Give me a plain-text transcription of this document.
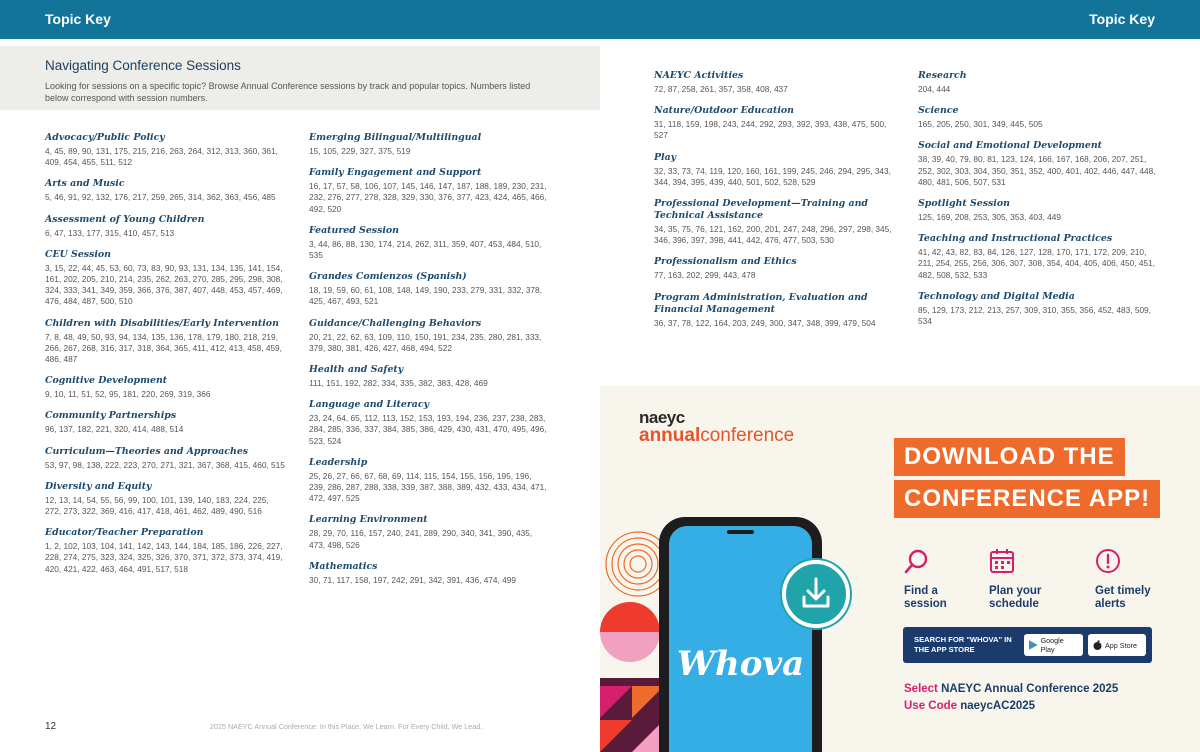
Topic Key	Topic Key
Navigating Conference Sessions

Looking for sessions on a specific topic? Browse Annual Conference sessions by track and popular topics. Numbers listed below correspond with session numbers.

Advocacy/Public Policy
4, 45, 89, 90, 131, 175, 215, 216, 263, 264, 312, 313, 360, 361, 409, 454, 455, 511, 512
Arts and Music
5, 46, 91, 92, 132, 176, 217, 259, 265, 314, 362, 363, 456, 485
Assessment of Young Children
6, 47, 133, 177, 315, 410, 457, 513
CEU Session
3, 15, 22, 44, 45, 53, 60, 73, 83, 90, 93, 131, 134, 135, 141, 154, 161, 202, 205, 210, 214, 235, 262, 263, 270, 285, 295, 298, 308, 324, 333, 341, 349, 359, 366, 376, 387, 407, 448, 453, 457, 469, 476, 484, 487, 500, 510
Children with Disabilities/Early Intervention
7, 8, 48, 49, 50, 93, 94, 134, 135, 136, 178, 179, 180, 218, 219, 266, 267, 268, 316, 317, 318, 364, 365, 411, 412, 413, 458, 459, 486, 487
Cognitive Development
9, 10, 11, 51, 52, 95, 181, 220, 269, 319, 366
Community Partnerships
96, 137, 182, 221, 320, 414, 488, 514
Curriculum—Theories and Approaches
53, 97, 98, 138, 222, 223, 270, 271, 321, 367, 368, 415, 460, 515
Diversity and Equity
12, 13, 14, 54, 55, 56, 99, 100, 101, 139, 140, 183, 224, 225, 272, 273, 322, 369, 416, 417, 418, 461, 462, 489, 490, 516
Educator/Teacher Preparation
1, 2, 102, 103, 104, 141, 142, 143, 144, 184, 185, 186, 226, 227, 228, 274, 275, 323, 324, 325, 326, 370, 371, 372, 373, 374, 419, 420, 421, 422, 463, 464, 491, 517, 518
Emerging Bilingual/Multilingual
15, 105, 229, 327, 375, 519
Family Engagement and Support
16, 17, 57, 58, 106, 107, 145, 146, 147, 187, 188, 189, 230, 231, 232, 276, 277, 278, 328, 329, 330, 376, 377, 423, 424, 465, 466, 492, 520
Featured Session
3, 44, 86, 88, 130, 174, 214, 262, 311, 359, 407, 453, 484, 510, 535
Grandes Comienzos (Spanish)
18, 19, 59, 60, 61, 108, 148, 149, 190, 233, 279, 331, 332, 378, 425, 467, 493, 521
Guidance/Challenging Behaviors
20, 21, 22, 62, 63, 109, 110, 150, 191, 234, 235, 280, 281, 333, 379, 380, 381, 426, 427, 468, 494, 522
Health and Safety
111, 151, 192, 282, 334, 335, 382, 383, 428, 469
Language and Literacy
23, 24, 64, 65, 112, 113, 152, 153, 193, 194, 236, 237, 238, 283, 284, 285, 336, 337, 384, 385, 386, 429, 430, 431, 470, 495, 496, 523, 524
Leadership
25, 26, 27, 66, 67, 68, 69, 114, 115, 154, 155, 156, 195, 196, 239, 286, 287, 288, 338, 339, 387, 388, 389, 432, 433, 434, 471, 472, 497, 525
Learning Environment
28, 29, 70, 116, 157, 240, 241, 289, 290, 340, 341, 390, 435, 473, 498, 526
Mathematics
30, 71, 117, 158, 197, 242, 291, 342, 391, 436, 474, 499
NAEYC Activities
72, 87, 258, 261, 357, 358, 408, 437
Nature/Outdoor Education
31, 118, 159, 198, 243, 244, 292, 293, 392, 393, 438, 475, 500, 527
Play
32, 33, 73, 74, 119, 120, 160, 161, 199, 245, 246, 294, 295, 343, 344, 394, 395, 439, 440, 501, 502, 528, 529
Professional Development—Training and Technical Assistance
34, 35, 75, 76, 121, 162, 200, 201, 247, 248, 296, 297, 298, 345, 346, 396, 397, 398, 441, 442, 476, 477, 503, 530
Professionalism and Ethics
77, 163, 202, 299, 443, 478
Program Administration, Evaluation and Financial Management
36, 37, 78, 122, 164, 203, 249, 300, 347, 348, 399, 479, 504
Research
204, 444
Science
165, 205, 250, 301, 349, 445, 505
Social and Emotional Development
38, 39, 40, 79, 80, 81, 123, 124, 166, 167, 168, 206, 207, 251, 252, 302, 303, 304, 350, 351, 352, 400, 401, 402, 446, 447, 448, 480, 481, 506, 507, 531
Spotlight Session
125, 169, 208, 253, 305, 353, 403, 449
Teaching and Instructional Practices
41, 42, 43, 82, 83, 84, 126, 127, 128, 170, 171, 172, 209, 210, 211, 254, 255, 256, 306, 307, 308, 354, 404, 405, 406, 450, 451, 482, 508, 532, 533
Technology and Digital Media
85, 129, 173, 212, 213, 257, 309, 310, 355, 356, 452, 483, 509, 534
12	2025 NAEYC Annual Conference: In this Place, We Learn. For Every Child, We Lead.
naeyc
annualconference
DOWNLOAD THE
CONFERENCE APP!
Find a
session
Plan your
schedule
Get timely
alerts
SEARCH FOR "WHOVA" IN THE APP STORE
Google Play	App Store
Select NAEYC Annual Conference 2025
Use Code naeycAC2025
Whova
